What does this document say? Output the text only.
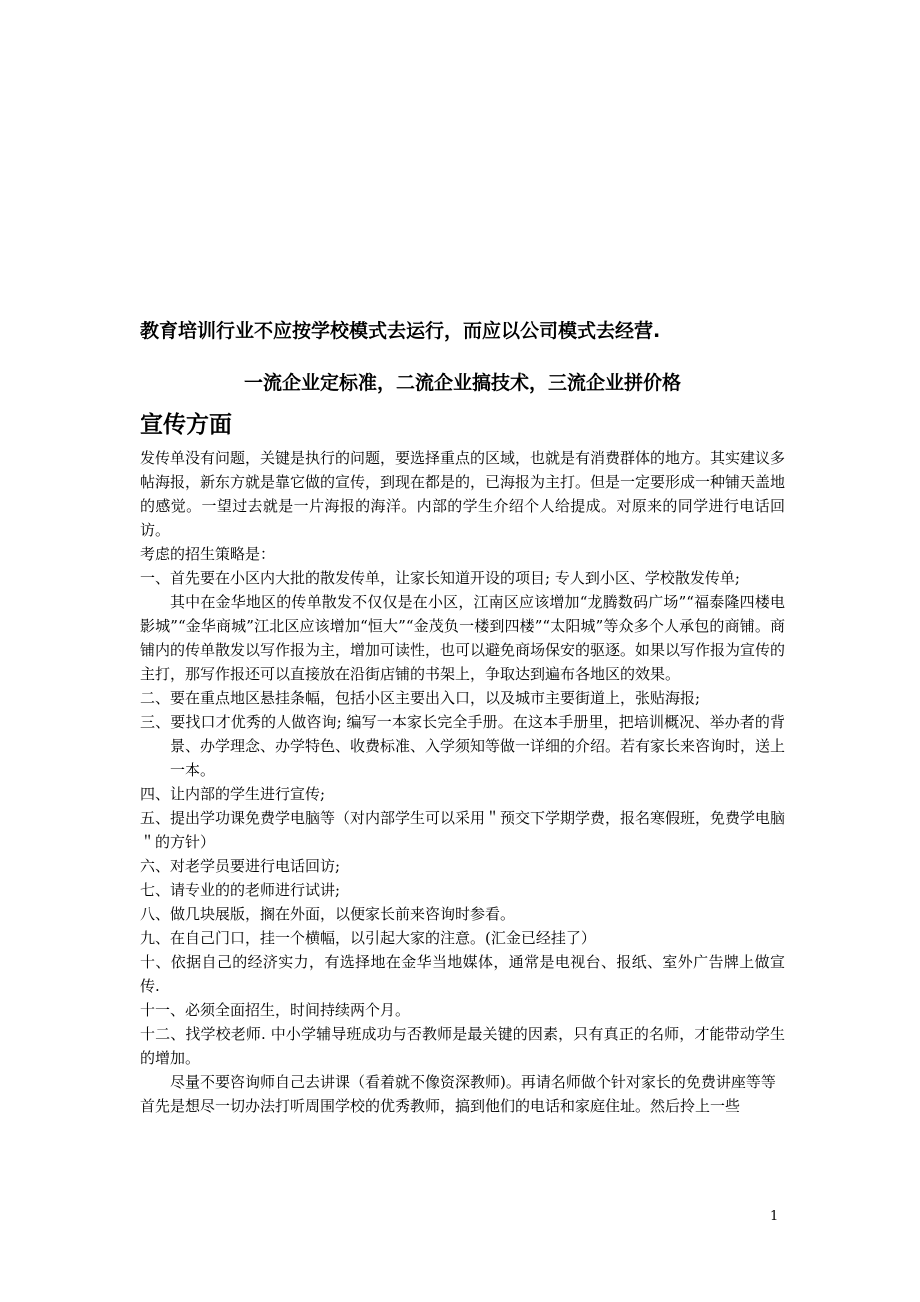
教育培训行业不应按学校模式去运行，而应以公司模式去经营.
一流企业定标准，二流企业搞技术，三流企业拼价格
宣传方面

发传单没有问题，关键是执行的问题，要选择重点的区域，也就是有消费群体的地方。其实建议多帖海报，新东方就是靠它做的宣传，到现在都是的，已海报为主打。但是一定要形成一种铺天盖地的感觉。一望过去就是一片海报的海洋。内部的学生介绍个人给提成。对原来的同学进行电话回访。

考虑的招生策略是：

一、首先要在小区内大批的散发传单，让家长知道开设的项目; 专人到小区、学校散发传单;

其中在金华地区的传单散发不仅仅是在小区，江南区应该增加“龙腾数码广场”“福泰隆四楼电影城”“金华商城”江北区应该增加“恒大”“金茂负一楼到四楼”“太阳城”等众多个人承包的商铺。商铺内的传单散发以写作报为主，增加可读性，也可以避免商场保安的驱逐。如果以写作报为宣传的主打，那写作报还可以直接放在沿街店铺的书架上，争取达到遍布各地区的效果。

二、要在重点地区悬挂条幅，包括小区主要出入口，以及城市主要街道上，张贴海报;

三、要找口才优秀的人做咨询; 编写一本家长完全手册。在这本手册里，把培训概况、举办者的背景、办学理念、办学特色、收费标准、入学须知等做一详细的介绍。若有家长来咨询时，送上一本。

四、让内部的学生进行宣传;

五、提出学功课免费学电脑等（对内部学生可以采用＂预交下学期学费，报名寒假班，免费学电脑＂的方针）

六、对老学员要进行电话回访;

七、请专业的的老师进行试讲;

八、做几块展版，搁在外面，以便家长前来咨询时参看。

九、在自己门口，挂一个横幅，以引起大家的注意。(汇金已经挂了）

十、依据自己的经济实力，有选择地在金华当地媒体，通常是电视台、报纸、室外广告牌上做宣传.

十一、必须全面招生，时间持续两个月。

十二、找学校老师. 中小学辅导班成功与否教师是最关键的因素，只有真正的名师，才能带动学生的增加。

尽量不要咨询师自己去讲课（看着就不像资深教师)。再请名师做个针对家长的免费讲座等等

首先是想尽一切办法打听周围学校的优秀教师，搞到他们的电话和家庭住址。然后拎上一些

1
